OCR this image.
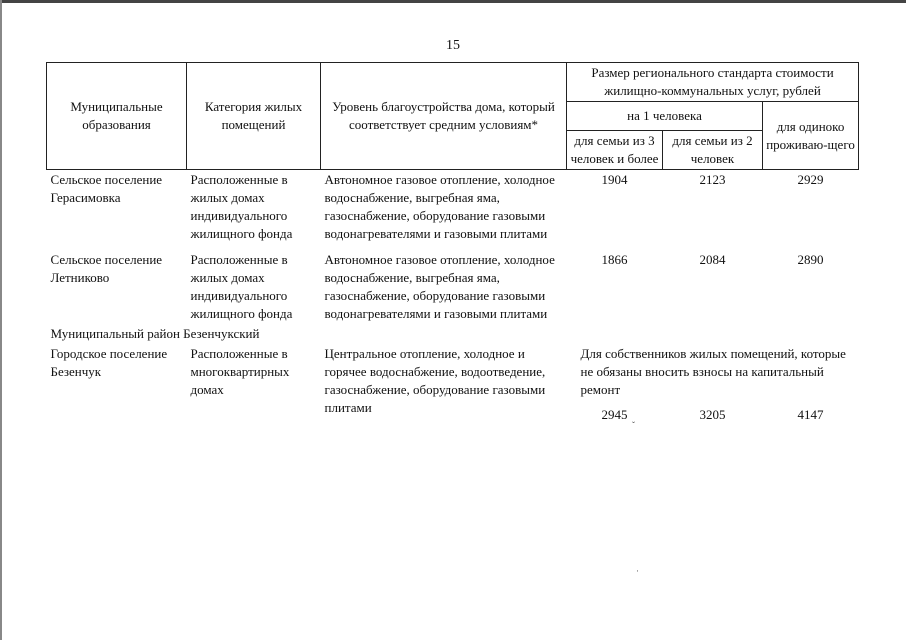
15
Муниципальные образования	Категория жилых помещений	Уровень благоустройства дома, который соответствует средним условиям*	Размер регионального стандарта стоимости жилищно-коммунальных услуг, рублей		
			на 1 человека		для одиноко проживаю-щего
			для семьи из 3 человек и более	для семьи из 2 человек	
Сельское поселение Герасимовка	Расположенные в жилых домах индивидуального жилищного фонда	Автономное газовое отопление, холодное водоснабжение, выгребная яма, газоснабжение, оборудование газовыми водонагревателями и газовыми плитами	1904	2123	2929

Сельское поселение Летниково	Расположенные в жилых домах индивидуального жилищного фонда	Автономное газовое отопление, холодное водоснабжение, выгребная яма, газоснабжение, оборудование газовыми водонагревателями и газовыми плитами	1866	2084	2890
Муниципальный район Безенчукский					
Городское поселение Безенчук	Расположенные в многоквартирных домах	Центральное отопление, холодное и горячее водоснабжение, водоотведение, газоснабжение, оборудование газовыми плитами	Для собственников жилых помещений, которые не обязаны вносить взносы на капитальный ремонт		
			2945	3205	4147
ˇ
·
